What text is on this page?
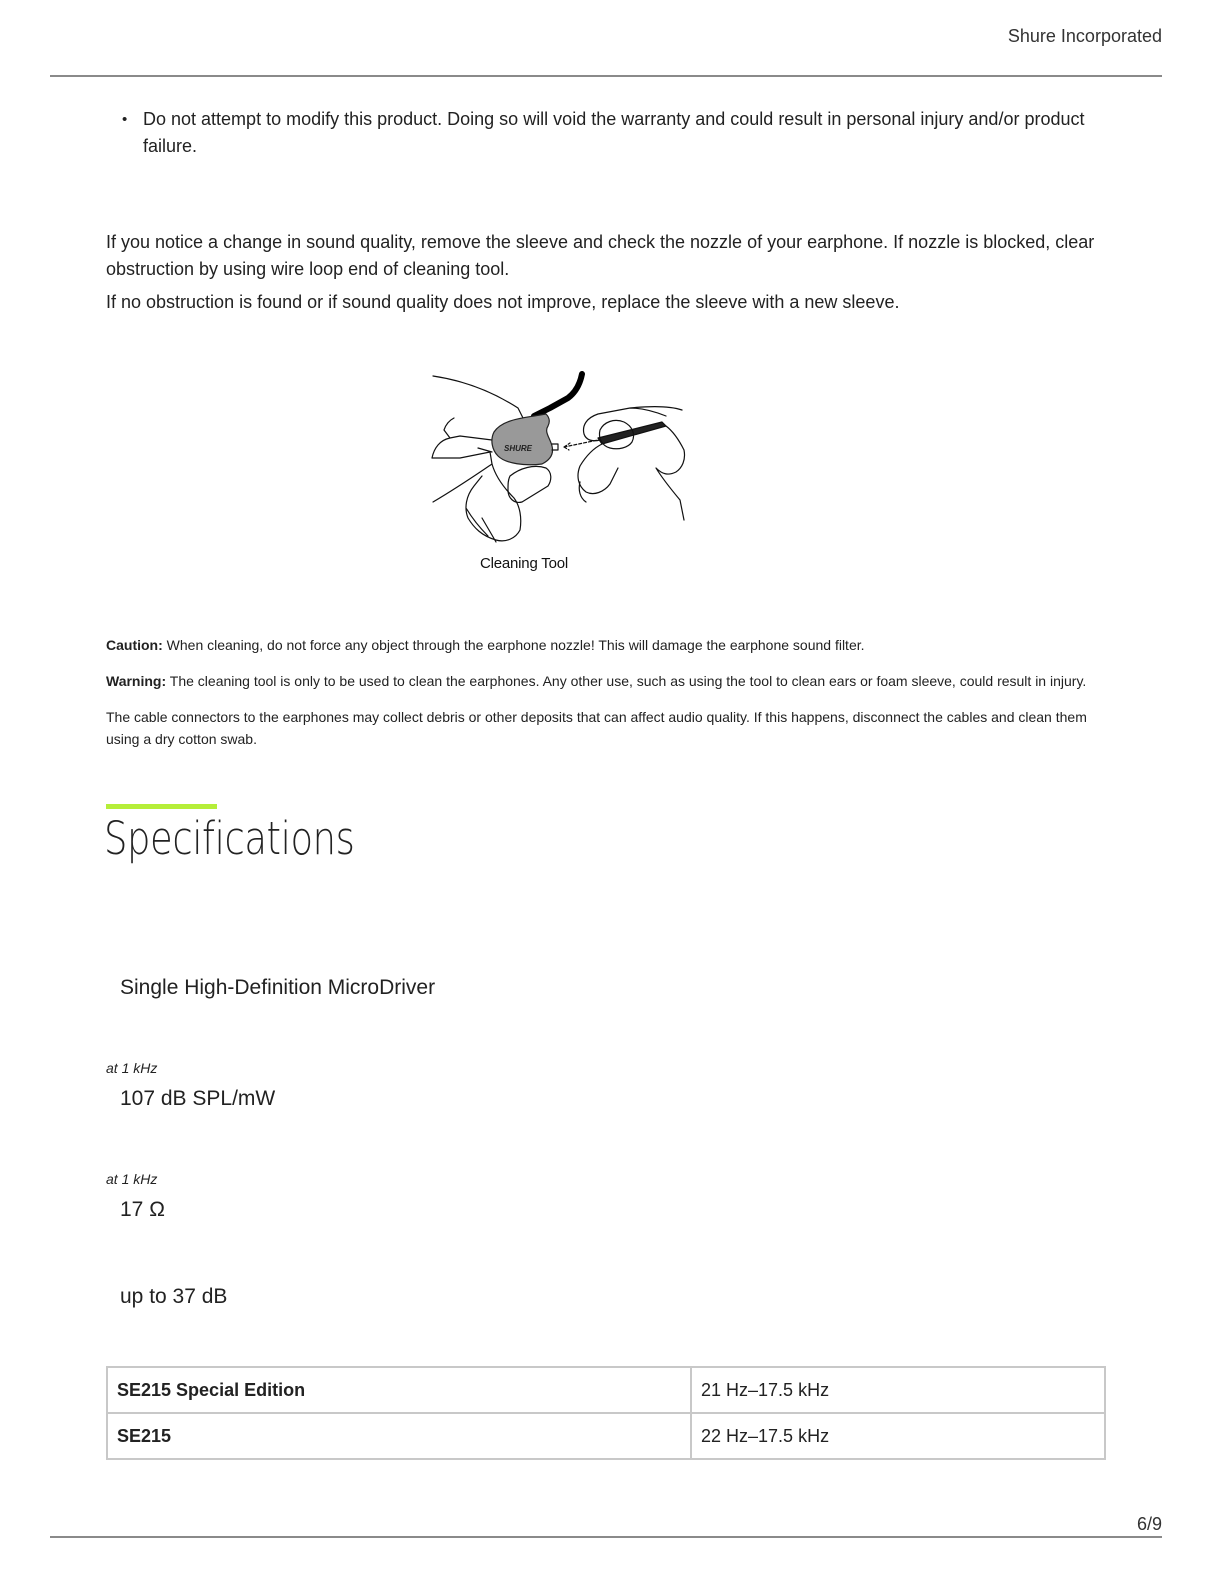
Shure Incorporated
• Do not attempt to modify this product. Doing so will void the warranty and could result in personal injury and/or product failure.

If you notice a change in sound quality, remove the sleeve and check the nozzle of your earphone. If nozzle is blocked, clear obstruction by using wire loop end of cleaning tool.

If no obstruction is found or if sound quality does not improve, replace the sleeve with a new sleeve.

SHURE
Cleaning Tool

Caution: When cleaning, do not force any object through the earphone nozzle! This will damage the earphone sound filter.

Warning: The cleaning tool is only to be used to clean the earphones. Any other use, such as using the tool to clean ears or foam sleeve, could result in injury.

The cable connectors to the earphones may collect debris or other deposits that can affect audio quality. If this happens, disconnect the cables and clean them using a dry cotton swab.

Specifications
Single High-Definition MicroDriver
at 1 kHz
107 dB SPL/mW
at 1 kHz
17 Ω
up to 37 dB
SE215 Special Edition	21 Hz–17.5 kHz
SE215	22 Hz–17.5 kHz
6/9
